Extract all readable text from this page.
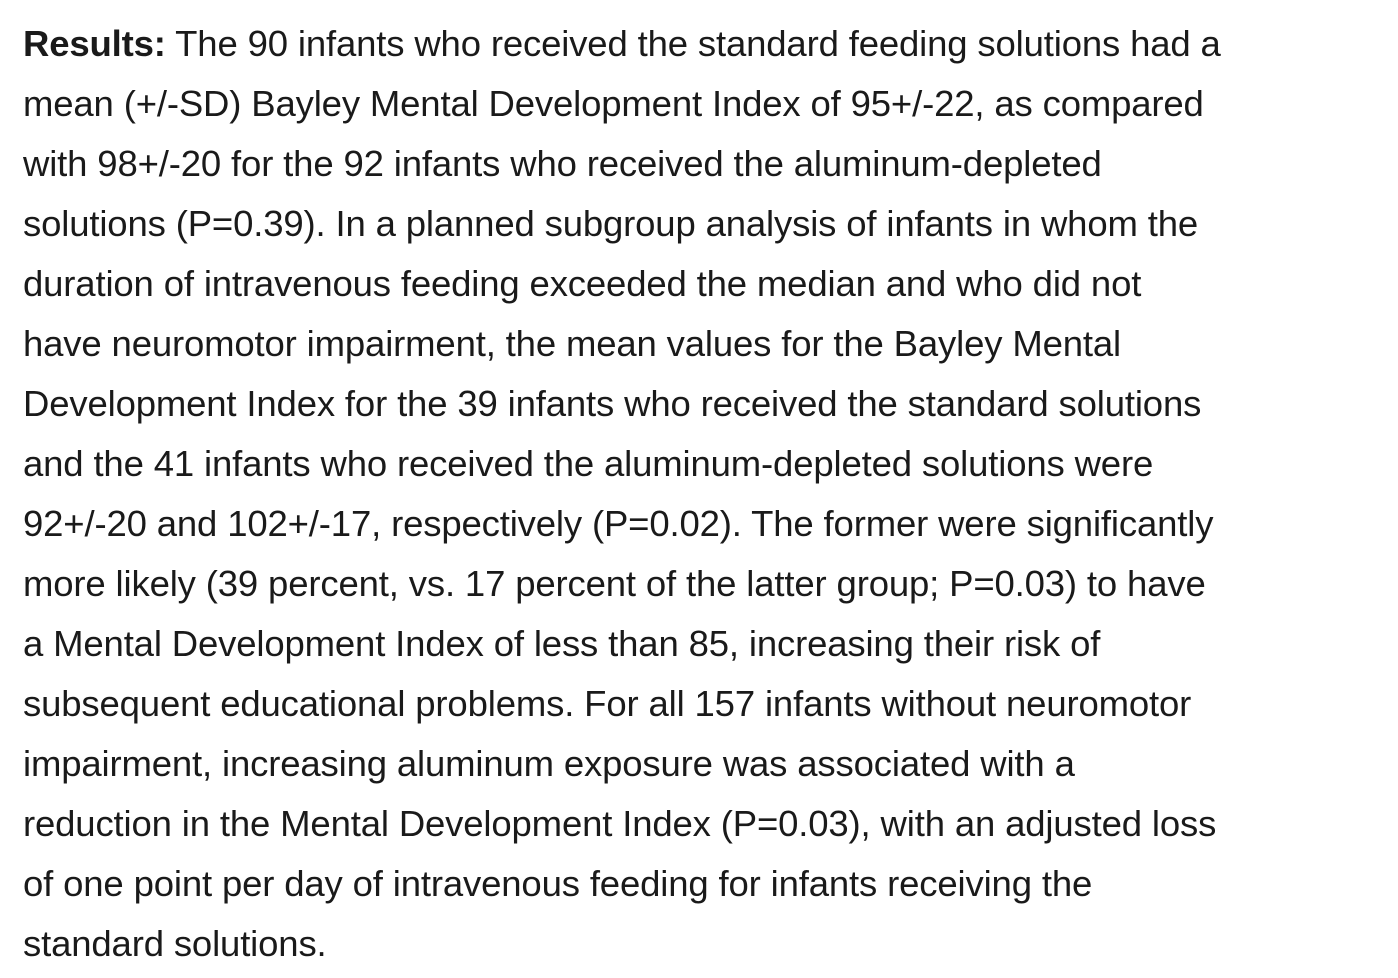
Results: The 90 infants who received the standard feeding solutions had a
mean (+/-SD) Bayley Mental Development Index of 95+/-22, as compared
with 98+/-20 for the 92 infants who received the aluminum-depleted
solutions (P=0.39). In a planned subgroup analysis of infants in whom the
duration of intravenous feeding exceeded the median and who did not
have neuromotor impairment, the mean values for the Bayley Mental
Development Index for the 39 infants who received the standard solutions
and the 41 infants who received the aluminum-depleted solutions were
92+/-20 and 102+/-17, respectively (P=0.02). The former were significantly
more likely (39 percent, vs. 17 percent of the latter group; P=0.03) to have
a Mental Development Index of less than 85, increasing their risk of
subsequent educational problems. For all 157 infants without neuromotor
impairment, increasing aluminum exposure was associated with a
reduction in the Mental Development Index (P=0.03), with an adjusted loss
of one point per day of intravenous feeding for infants receiving the
standard solutions.
